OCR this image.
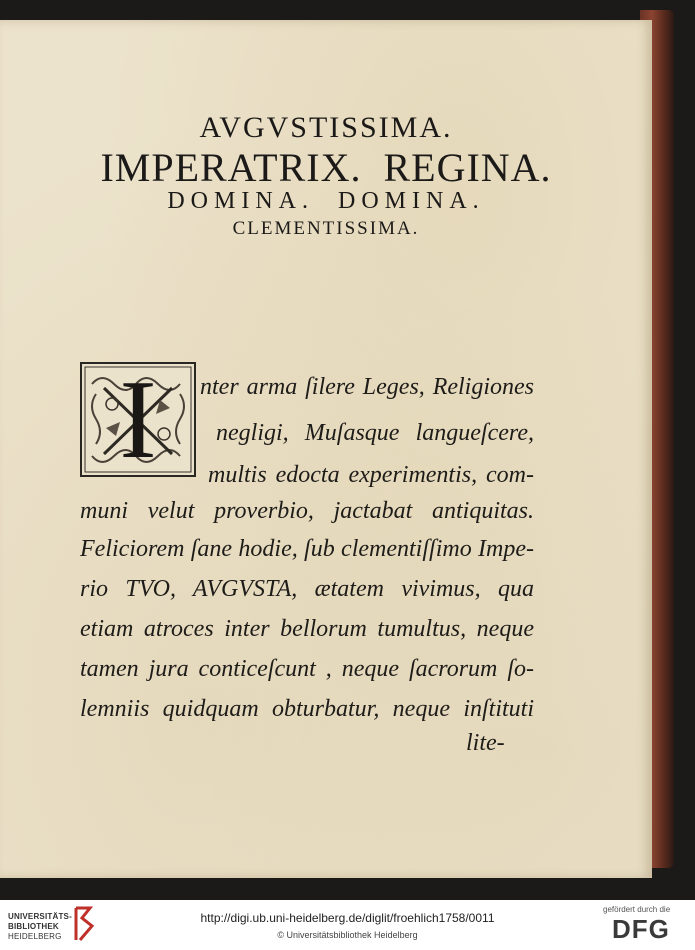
AVGVSTISSIMA.
IMPERATRIX.  REGINA.
DOMINA.  DOMINA.
CLEMENTISSIMA.
I	nter arma ſilere Leges, Religiones
negligi, Muſasque langueſcere,
multis edocta experimentis, com-
muni velut proverbio, jactabat antiquitas.
Feliciorem ſane hodie, ſub clementiſſimo Impe-
rio TVO, AVGVSTA, ætatem vivimus, qua
etiam atroces inter bellorum tumultus, neque
tamen jura conticeſcunt , neque ſacrorum ſo-
lemniis quidquam obturbatur, neque inſtituti
lite-
UNIVERSITÄTS-
BIBLIOTHEK
HEIDELBERG
http://digi.ub.uni-heidelberg.de/diglit/froehlich1758/0011
© Universitätsbibliothek Heidelberg
gefördert durch die
DFG
